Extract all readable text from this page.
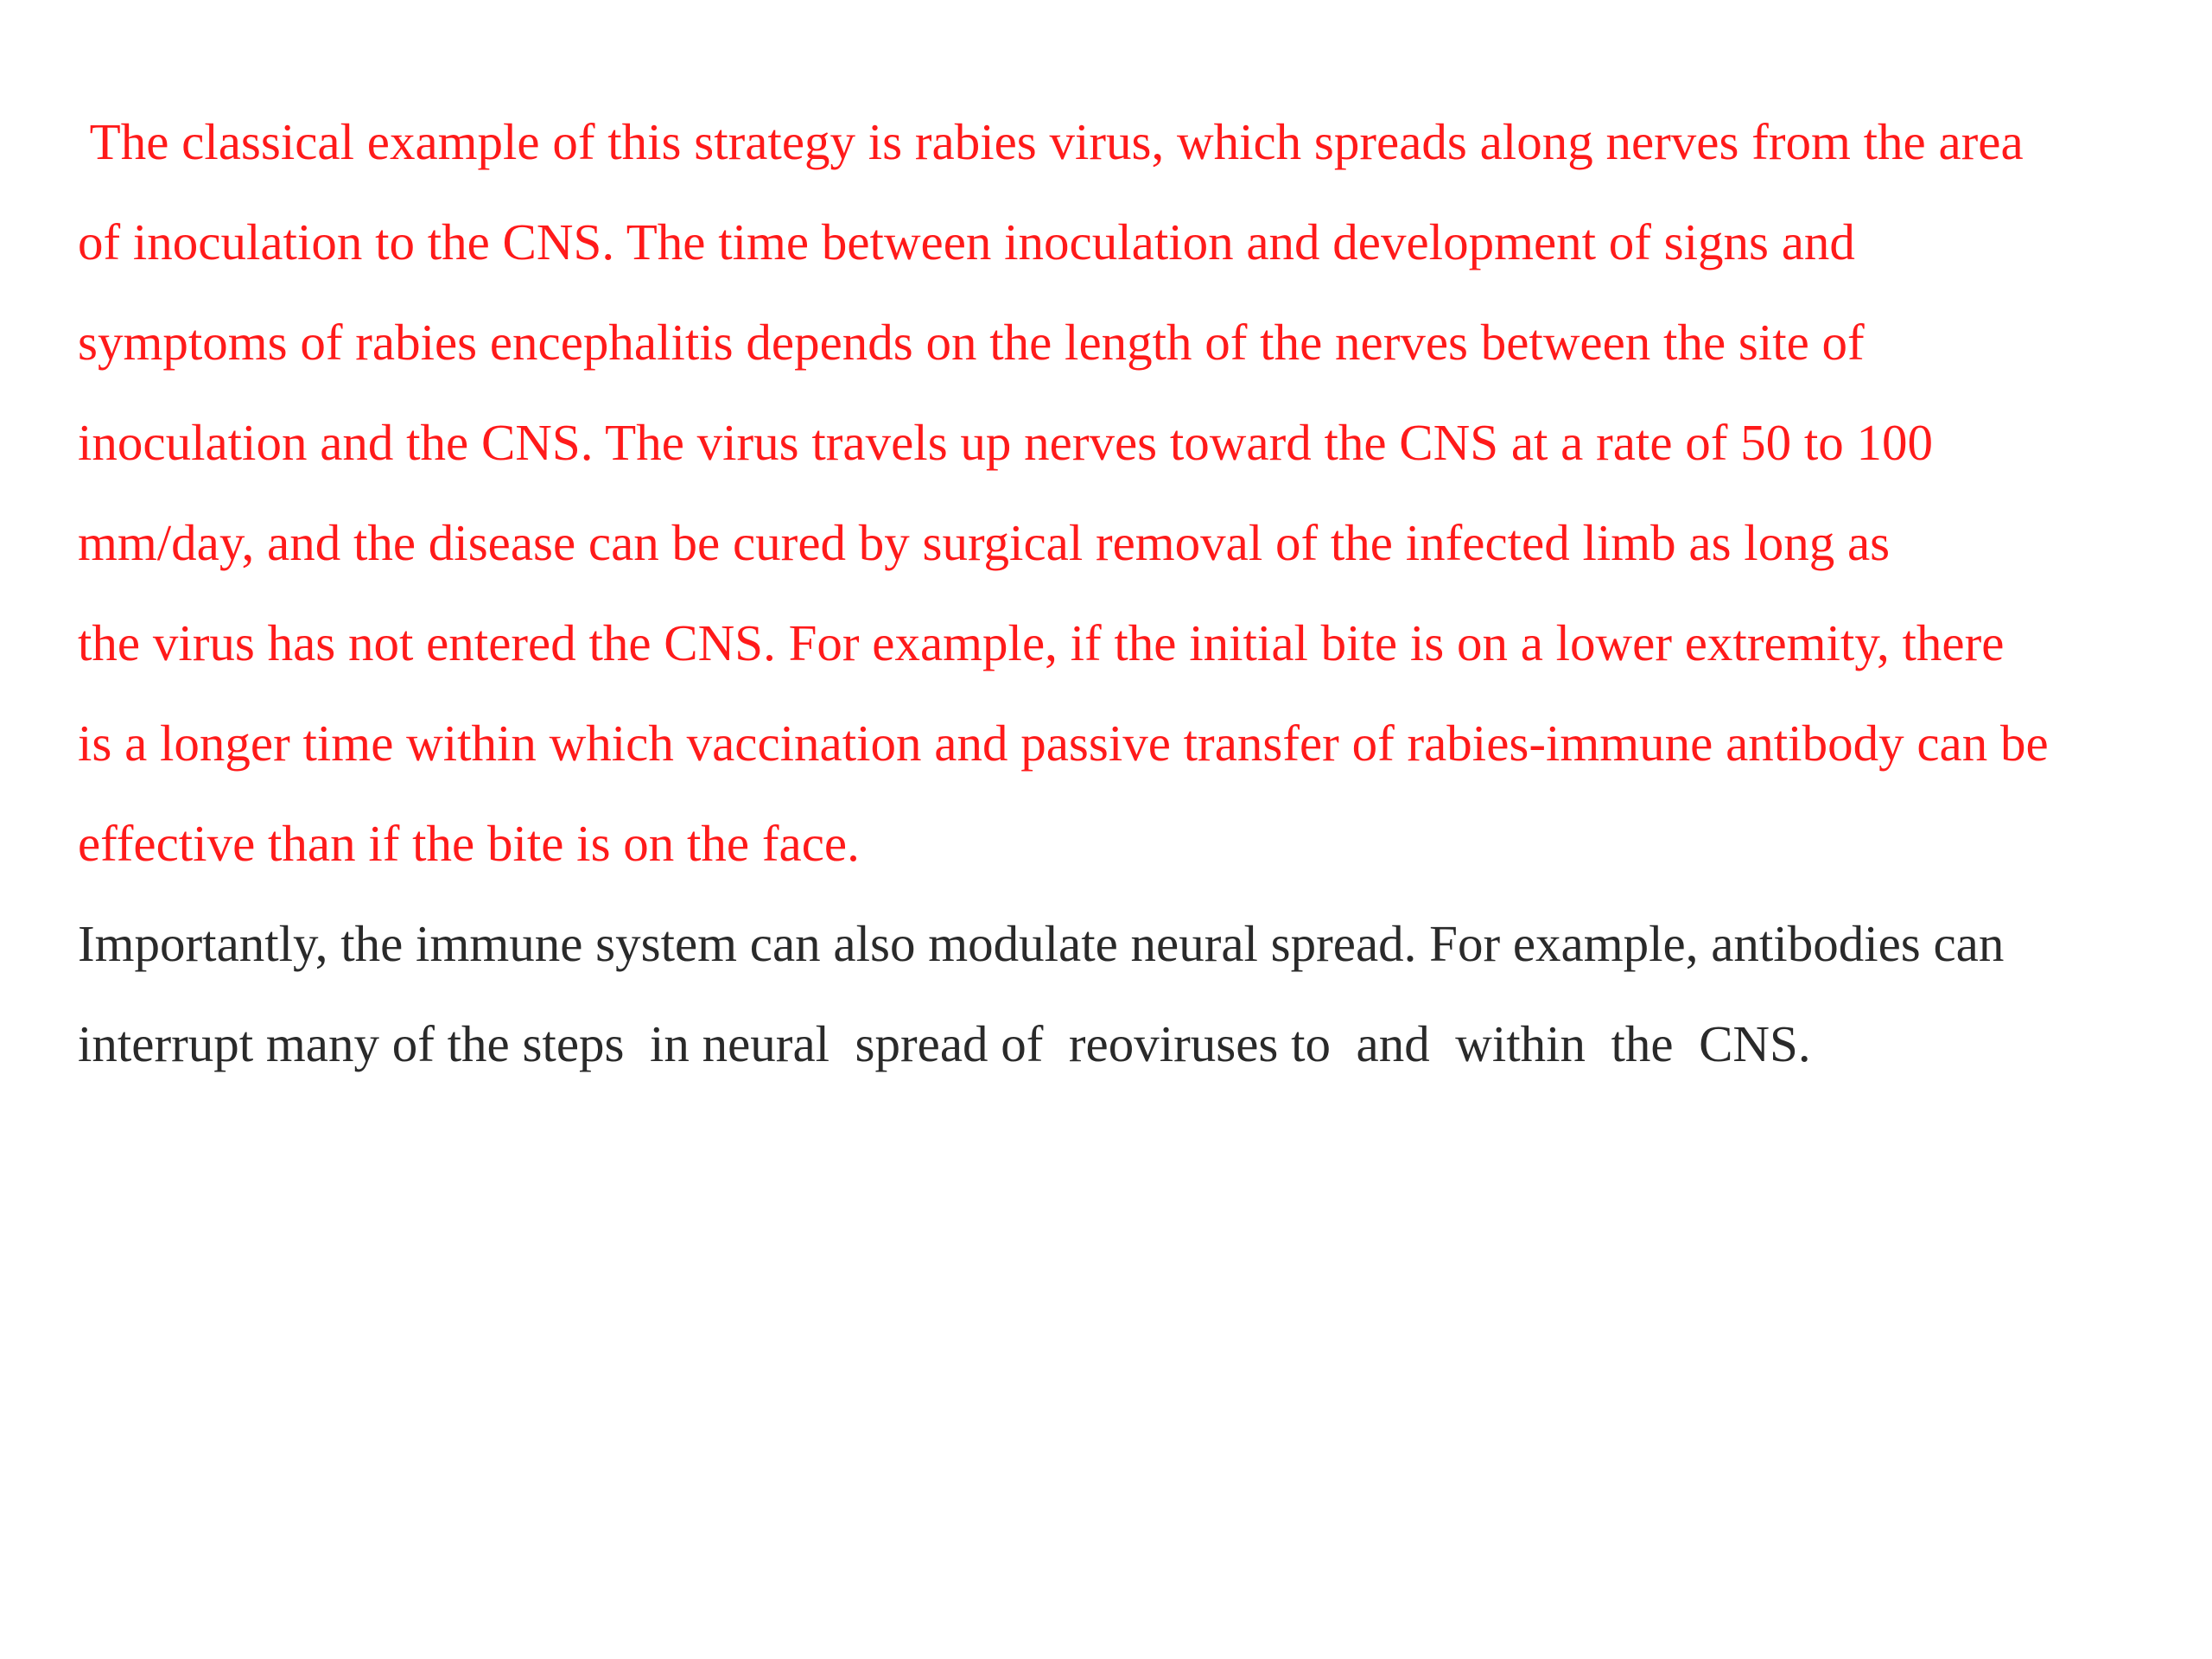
The classical example of this strategy is rabies virus, which spreads along nerves from the area
of inoculation to the CNS. The time between inoculation and development of signs and
symptoms of rabies encephalitis depends on the length of the nerves between the site of
inoculation and the CNS. The virus travels up nerves toward the CNS at a rate of 50 to 100
mm/day, and the disease can be cured by surgical removal of the infected limb as long as
the virus has not entered the CNS. For example, if the initial bite is on a lower extremity, there
is a longer time within which vaccination and passive transfer of rabies-immune antibody can be
effective than if the bite is on the face.
Importantly, the immune system can also modulate neural spread. For example, antibodies can
interrupt many of the steps  in neural  spread of  reoviruses to  and  within  the  CNS.
